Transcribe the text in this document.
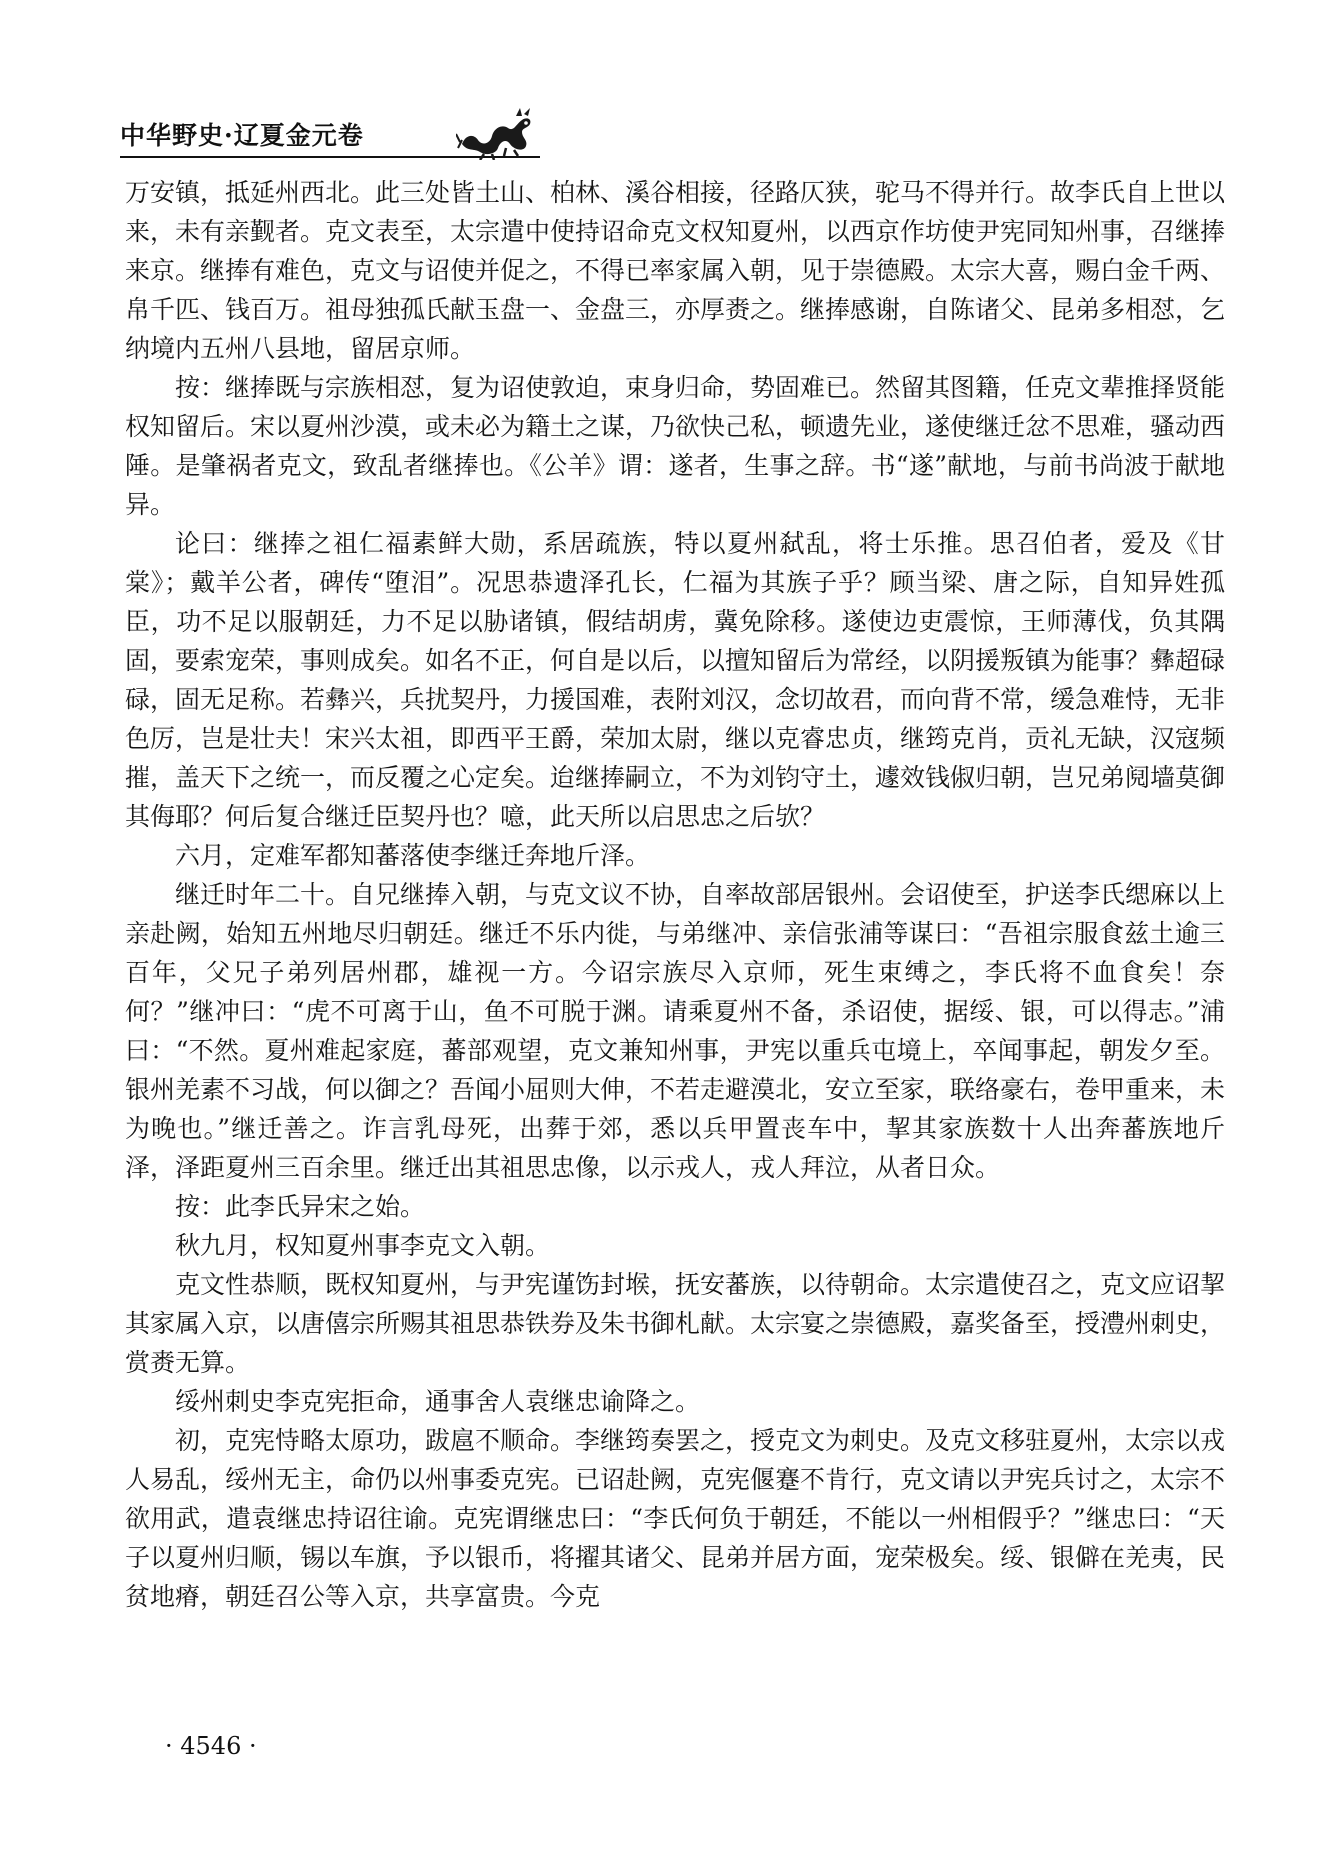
中华野史·辽夏金元卷

万安镇，抵延州西北。此三处皆土山、柏林、溪谷相接，径路仄狭，驼马不得并行。故李氏自上世以来，未有亲觐者。克文表至，太宗遣中使持诏命克文权知夏州，以西京作坊使尹宪同知州事，召继捧来京。继捧有难色，克文与诏使并促之，不得已率家属入朝，见于崇德殿。太宗大喜，赐白金千两、帛千匹、钱百万。祖母独孤氏献玉盘一、金盘三，亦厚赉之。继捧感谢，自陈诸父、昆弟多相怼，乞纳境内五州八县地，留居京师。

按：继捧既与宗族相怼，复为诏使敦迫，束身归命，势固难已。然留其图籍，任克文辈推择贤能权知留后。宋以夏州沙漠，或未必为籍土之谋，乃欲快己私，顿遗先业，遂使继迁忿不思难，骚动西陲。是肇祸者克文，致乱者继捧也。《公羊》谓：遂者，生事之辞。书“遂”献地，与前书尚波于献地异。

论曰：继捧之祖仁福素鲜大勋，系居疏族，特以夏州弑乱，将士乐推。思召伯者，爱及《甘棠》；戴羊公者，碑传“堕泪”。况思恭遗泽孔长，仁福为其族子乎？顾当梁、唐之际，自知异姓孤臣，功不足以服朝廷，力不足以胁诸镇，假结胡虏，冀免除移。遂使边吏震惊，王师薄伐，负其隅固，要索宠荣，事则成矣。如名不正，何自是以后，以擅知留后为常经，以阴援叛镇为能事？彝超碌碌，固无足称。若彝兴，兵扰契丹，力援国难，表附刘汉，念切故君，而向背不常，缓急难恃，无非色厉，岂是壮夫！宋兴太祖，即西平王爵，荣加太尉，继以克睿忠贞，继筠克肖，贡礼无缺，汉寇频摧，盖天下之统一，而反覆之心定矣。迨继捧嗣立，不为刘钧守土，遽效钱俶归朝，岂兄弟阋墙莫御其侮耶？何后复合继迁臣契丹也？噫，此天所以启思忠之后欤？

六月，定难军都知蕃落使李继迁奔地斤泽。

继迁时年二十。自兄继捧入朝，与克文议不协，自率故部居银州。会诏使至，护送李氏缌麻以上亲赴阙，始知五州地尽归朝廷。继迁不乐内徙，与弟继冲、亲信张浦等谋曰：“吾祖宗服食兹土逾三百年，父兄子弟列居州郡，雄视一方。今诏宗族尽入京师，死生束缚之，李氏将不血食矣！奈何？”继冲曰：“虎不可离于山，鱼不可脱于渊。请乘夏州不备，杀诏使，据绥、银，可以得志。”浦曰：“不然。夏州难起家庭，蕃部观望，克文兼知州事，尹宪以重兵屯境上，卒闻事起，朝发夕至。银州羌素不习战，何以御之？吾闻小屈则大伸，不若走避漠北，安立至家，联络豪右，卷甲重来，未为晚也。”继迁善之。诈言乳母死，出葬于郊，悉以兵甲置丧车中，挈其家族数十人出奔蕃族地斤泽，泽距夏州三百余里。继迁出其祖思忠像，以示戎人，戎人拜泣，从者日众。

按：此李氏异宋之始。

秋九月，权知夏州事李克文入朝。

克文性恭顺，既权知夏州，与尹宪谨饬封堠，抚安蕃族，以待朝命。太宗遣使召之，克文应诏挈其家属入京，以唐僖宗所赐其祖思恭铁券及朱书御札献。太宗宴之崇德殿，嘉奖备至，授澧州刺史，赏赉无算。

绥州刺史李克宪拒命，通事舍人袁继忠谕降之。

初，克宪恃略太原功，跋扈不顺命。李继筠奏罢之，授克文为刺史。及克文移驻夏州，太宗以戎人易乱，绥州无主，命仍以州事委克宪。已诏赴阙，克宪偃蹇不肯行，克文请以尹宪兵讨之，太宗不欲用武，遣袁继忠持诏往谕。克宪谓继忠曰：“李氏何负于朝廷，不能以一州相假乎？”继忠曰：“天子以夏州归顺，锡以车旗，予以银币，将擢其诸父、昆弟并居方面，宠荣极矣。绥、银僻在羌夷，民贫地瘠，朝廷召公等入京，共享富贵。今克

· 4546 ·
